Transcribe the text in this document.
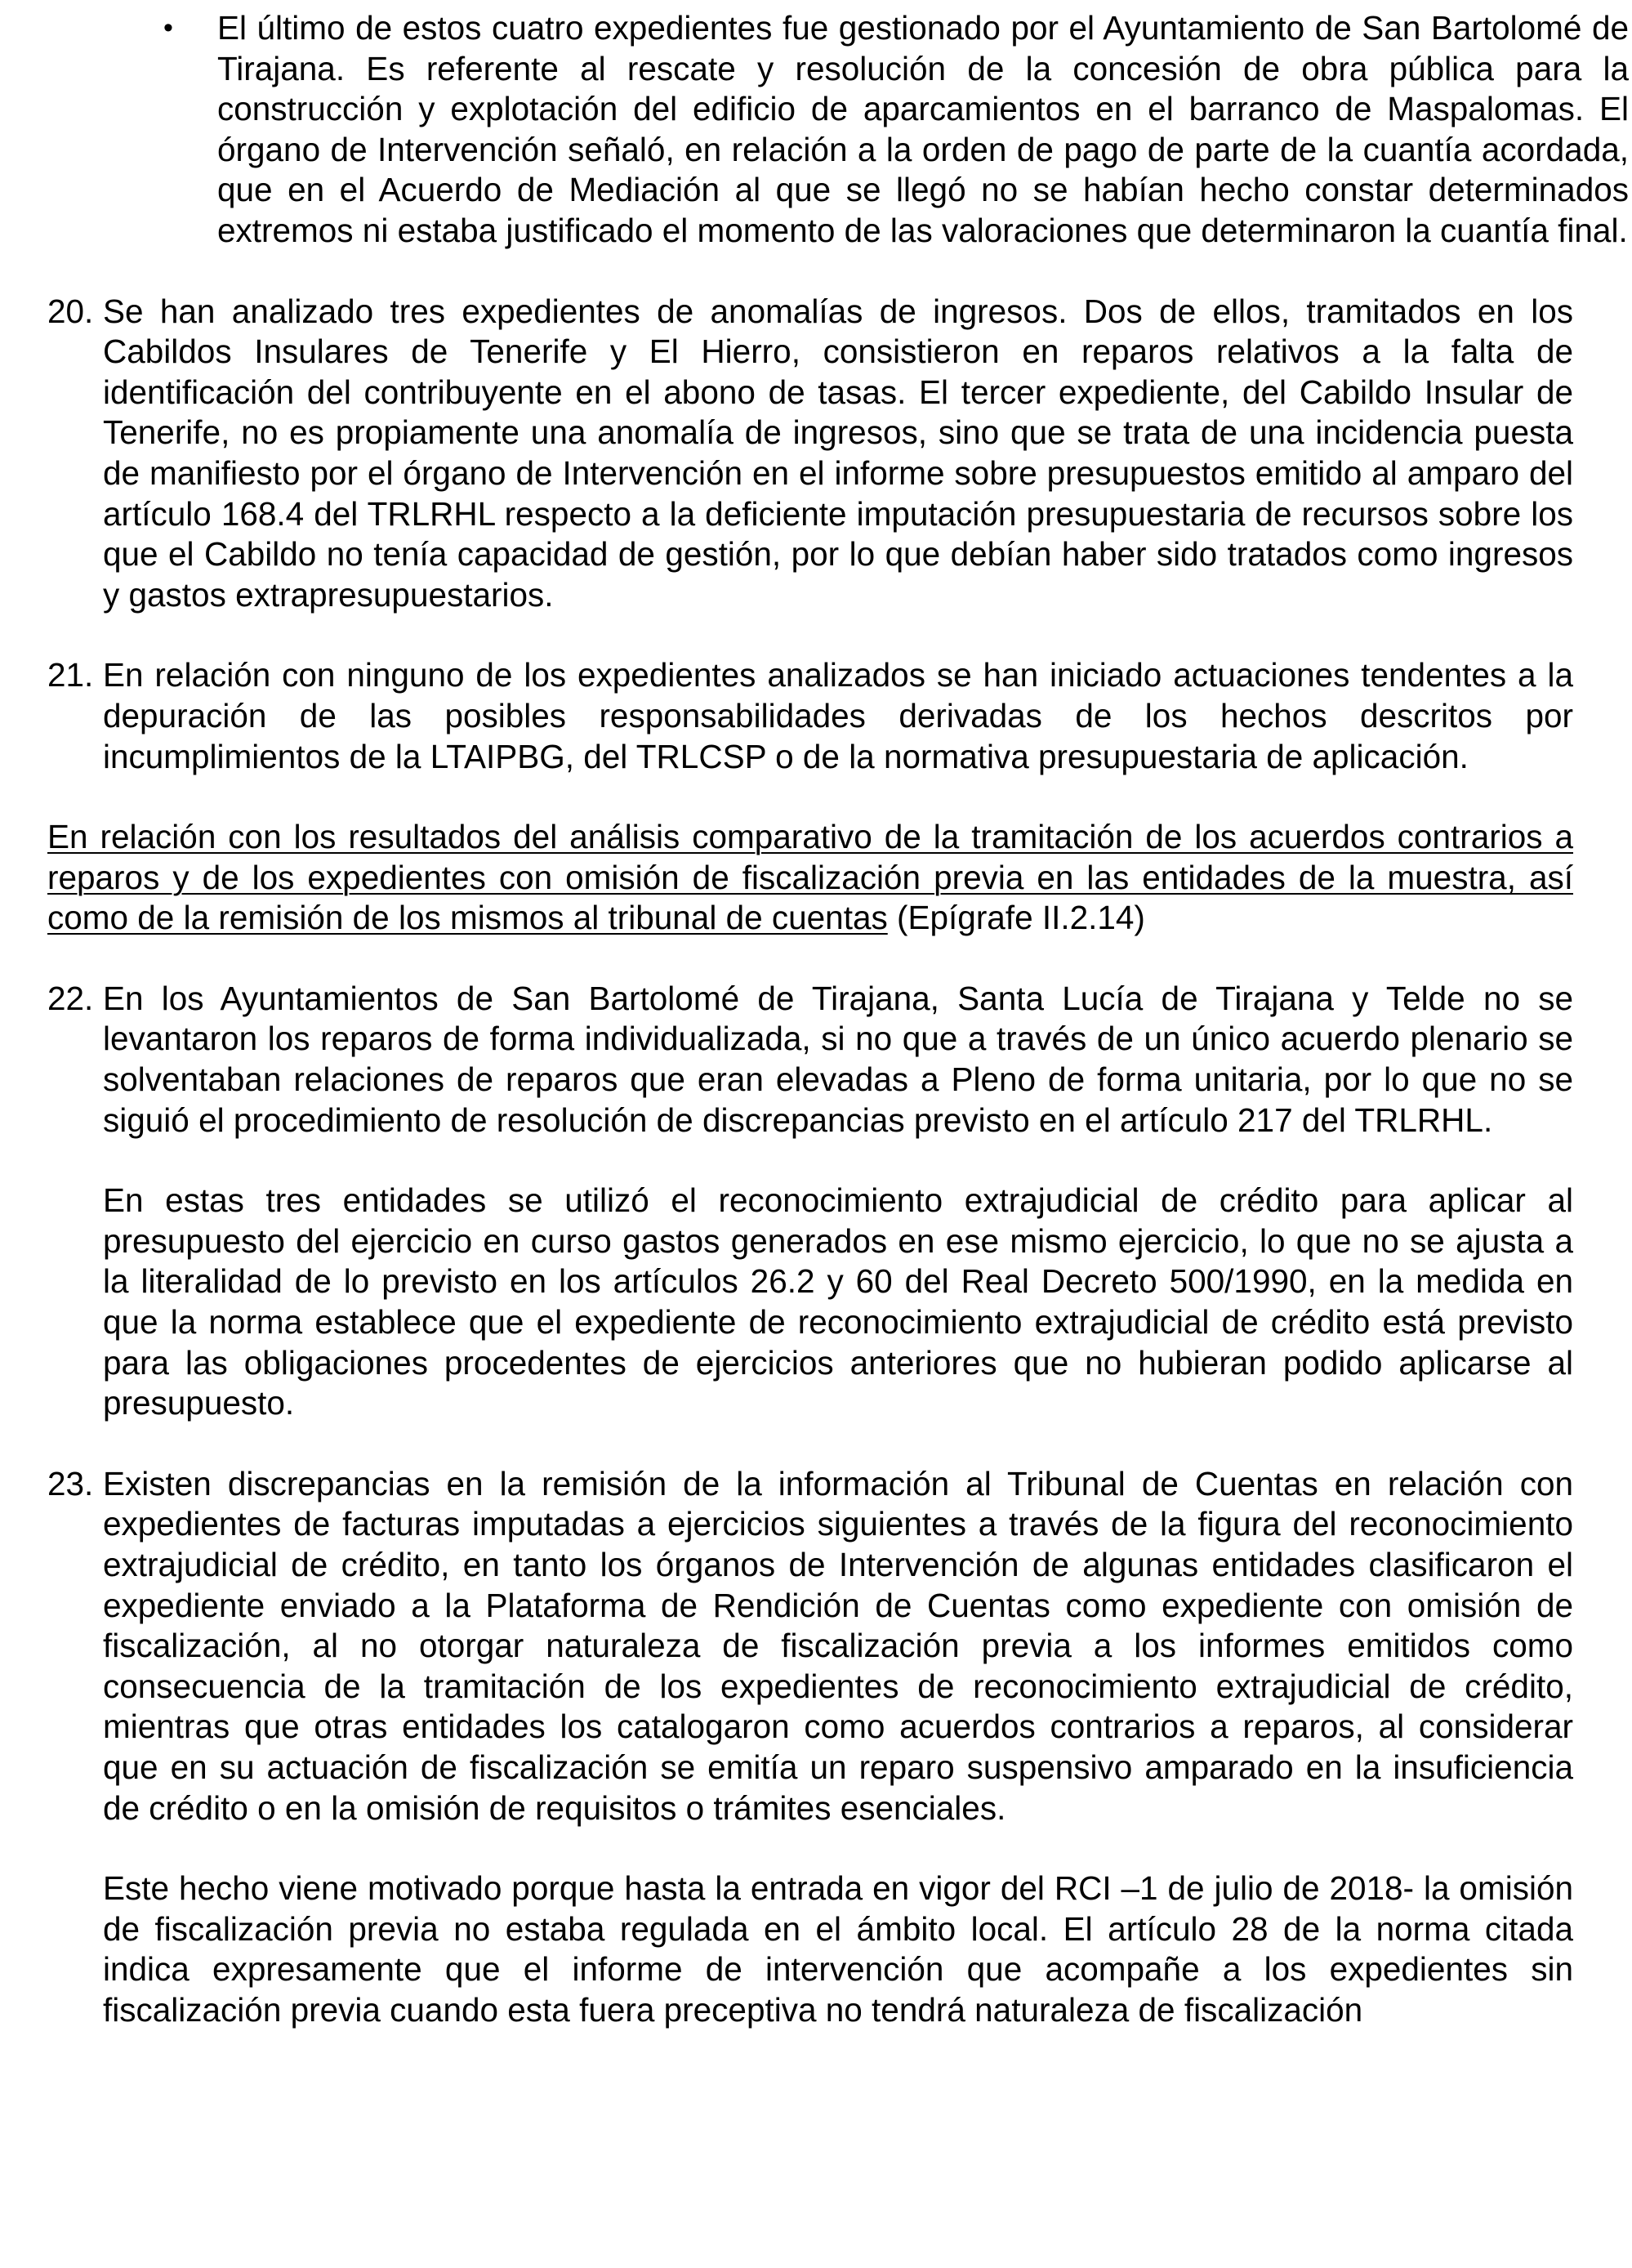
• El último de estos cuatro expedientes fue gestionado por el Ayuntamiento de San Bartolomé de Tirajana. Es referente al rescate y resolución de la concesión de obra pública para la construcción y explotación del edificio de aparcamientos en el barranco de Maspalomas. El órgano de Intervención señaló, en relación a la orden de pago de parte de la cuantía acordada, que en el Acuerdo de Mediación al que se llegó no se habían hecho constar determinados extremos ni estaba justificado el momento de las valoraciones que determinaron la cuantía final.

20. Se han analizado tres expedientes de anomalías de ingresos. Dos de ellos, tramitados en los Cabildos Insulares de Tenerife y El Hierro, consistieron en reparos relativos a la falta de identificación del contribuyente en el abono de tasas. El tercer expediente, del Cabildo Insular de Tenerife, no es propiamente una anomalía de ingresos, sino que se trata de una incidencia puesta de manifiesto por el órgano de Intervención en el informe sobre presupuestos emitido al amparo del artículo 168.4 del TRLRHL respecto a la deficiente imputación presupuestaria de recursos sobre los que el Cabildo no tenía capacidad de gestión, por lo que debían haber sido tratados como ingresos y gastos extrapresupuestarios.

21. En relación con ninguno de los expedientes analizados se han iniciado actuaciones tendentes a la depuración de las posibles responsabilidades derivadas de los hechos descritos por incumplimientos de la LTAIPBG, del TRLCSP o de la normativa presupuestaria de aplicación.

En relación con los resultados del análisis comparativo de la tramitación de los acuerdos contrarios a reparos y de los expedientes con omisión de fiscalización previa en las entidades de la muestra, así como de la remisión de los mismos al tribunal de cuentas (Epígrafe II.2.14)

22. En los Ayuntamientos de San Bartolomé de Tirajana, Santa Lucía de Tirajana y Telde no se levantaron los reparos de forma individualizada, si no que a través de un único acuerdo plenario se solventaban relaciones de reparos que eran elevadas a Pleno de forma unitaria, por lo que no se siguió el procedimiento de resolución de discrepancias previsto en el artículo 217 del TRLRHL.

En estas tres entidades se utilizó el reconocimiento extrajudicial de crédito para aplicar al presupuesto del ejercicio en curso gastos generados en ese mismo ejercicio, lo que no se ajusta a la literalidad de lo previsto en los artículos 26.2 y 60 del Real Decreto 500/1990, en la medida en que la norma establece que el expediente de reconocimiento extrajudicial de crédito está previsto para las obligaciones procedentes de ejercicios anteriores que no hubieran podido aplicarse al presupuesto.

23. Existen discrepancias en la remisión de la información al Tribunal de Cuentas en relación con expedientes de facturas imputadas a ejercicios siguientes a través de la figura del reconocimiento extrajudicial de crédito, en tanto los órganos de Intervención de algunas entidades clasificaron el expediente enviado a la Plataforma de Rendición de Cuentas como expediente con omisión de fiscalización, al no otorgar naturaleza de fiscalización previa a los informes emitidos como consecuencia de la tramitación de los expedientes de reconocimiento extrajudicial de crédito, mientras que otras entidades los catalogaron como acuerdos contrarios a reparos, al considerar que en su actuación de fiscalización se emitía un reparo suspensivo amparado en la insuficiencia de crédito o en la omisión de requisitos o trámites esenciales.

Este hecho viene motivado porque hasta la entrada en vigor del RCI –1 de julio de 2018- la omisión de fiscalización previa no estaba regulada en el ámbito local. El artículo 28 de la norma citada indica expresamente que el informe de intervención que acompañe a los expedientes sin fiscalización previa cuando esta fuera preceptiva no tendrá naturaleza de fiscalización
